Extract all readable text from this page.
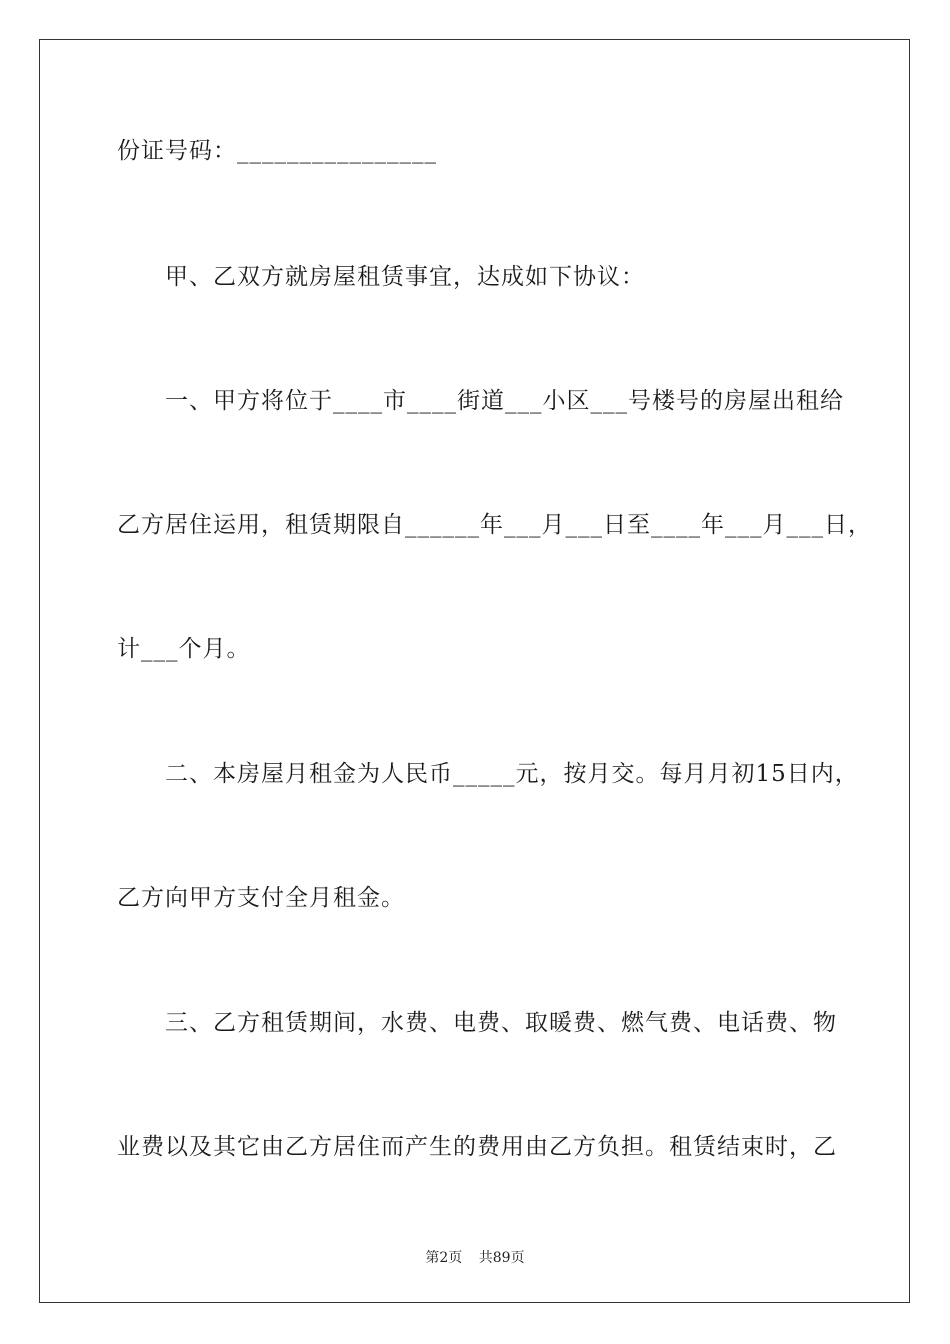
份证号码：________________
甲、乙双方就房屋租赁事宜，达成如下协议：
一、甲方将位于____市____街道___小区___号楼号的房屋出租给
乙方居住运用，租赁期限自______年___月___日至____年___月___日，
计___个月。
二、本房屋月租金为人民币_____元，按月交。每月月初15日内，
乙方向甲方支付全月租金。
三、乙方租赁期间，水费、电费、取暖费、燃气费、电话费、物
业费以及其它由乙方居住而产生的费用由乙方负担。租赁结束时，乙
第2页 共89页
